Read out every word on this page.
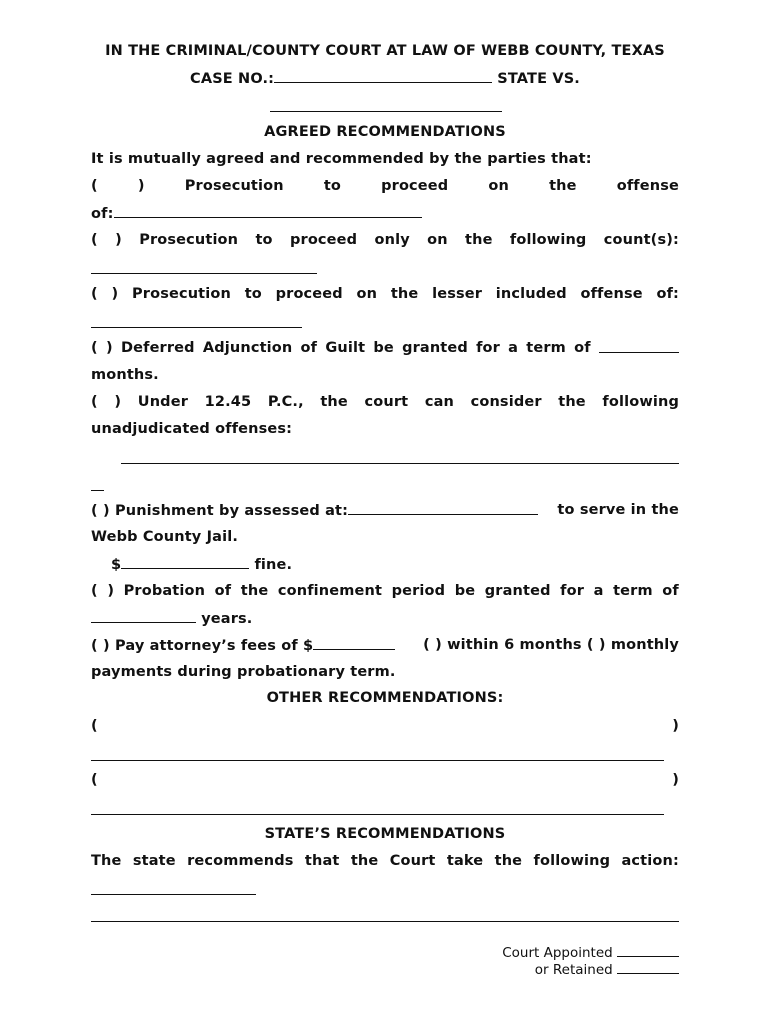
IN THE CRIMINAL/COUNTY COURT AT LAW OF WEBB COUNTY, TEXAS
CASE NO.:	STATE VS.
AGREED RECOMMENDATIONS
It is mutually agreed and recommended by the parties that:
(	)	Prosecution	to	proceed	on	the	offense
of:
( ) Prosecution to proceed only on the following count(s):
( ) Prosecution to proceed on the lesser included offense of:
( ) Deferred Adjunction of Guilt be granted for a term of
months.
( ) Under 12.45 P.C., the court can consider the following
unadjudicated offenses:
( ) Punishment by assessed at:	to serve in the
Webb County Jail.
$	fine.
( ) Probation of the confinement period be granted for a term of
years.
( ) Pay attorney’s fees of $	( ) within 6 months ( ) monthly
payments during probationary term.
OTHER RECOMMENDATIONS:
(	)
(	)
STATE’S RECOMMENDATIONS
The state recommends that the Court take the following action:
Court Appointed
or Retained
